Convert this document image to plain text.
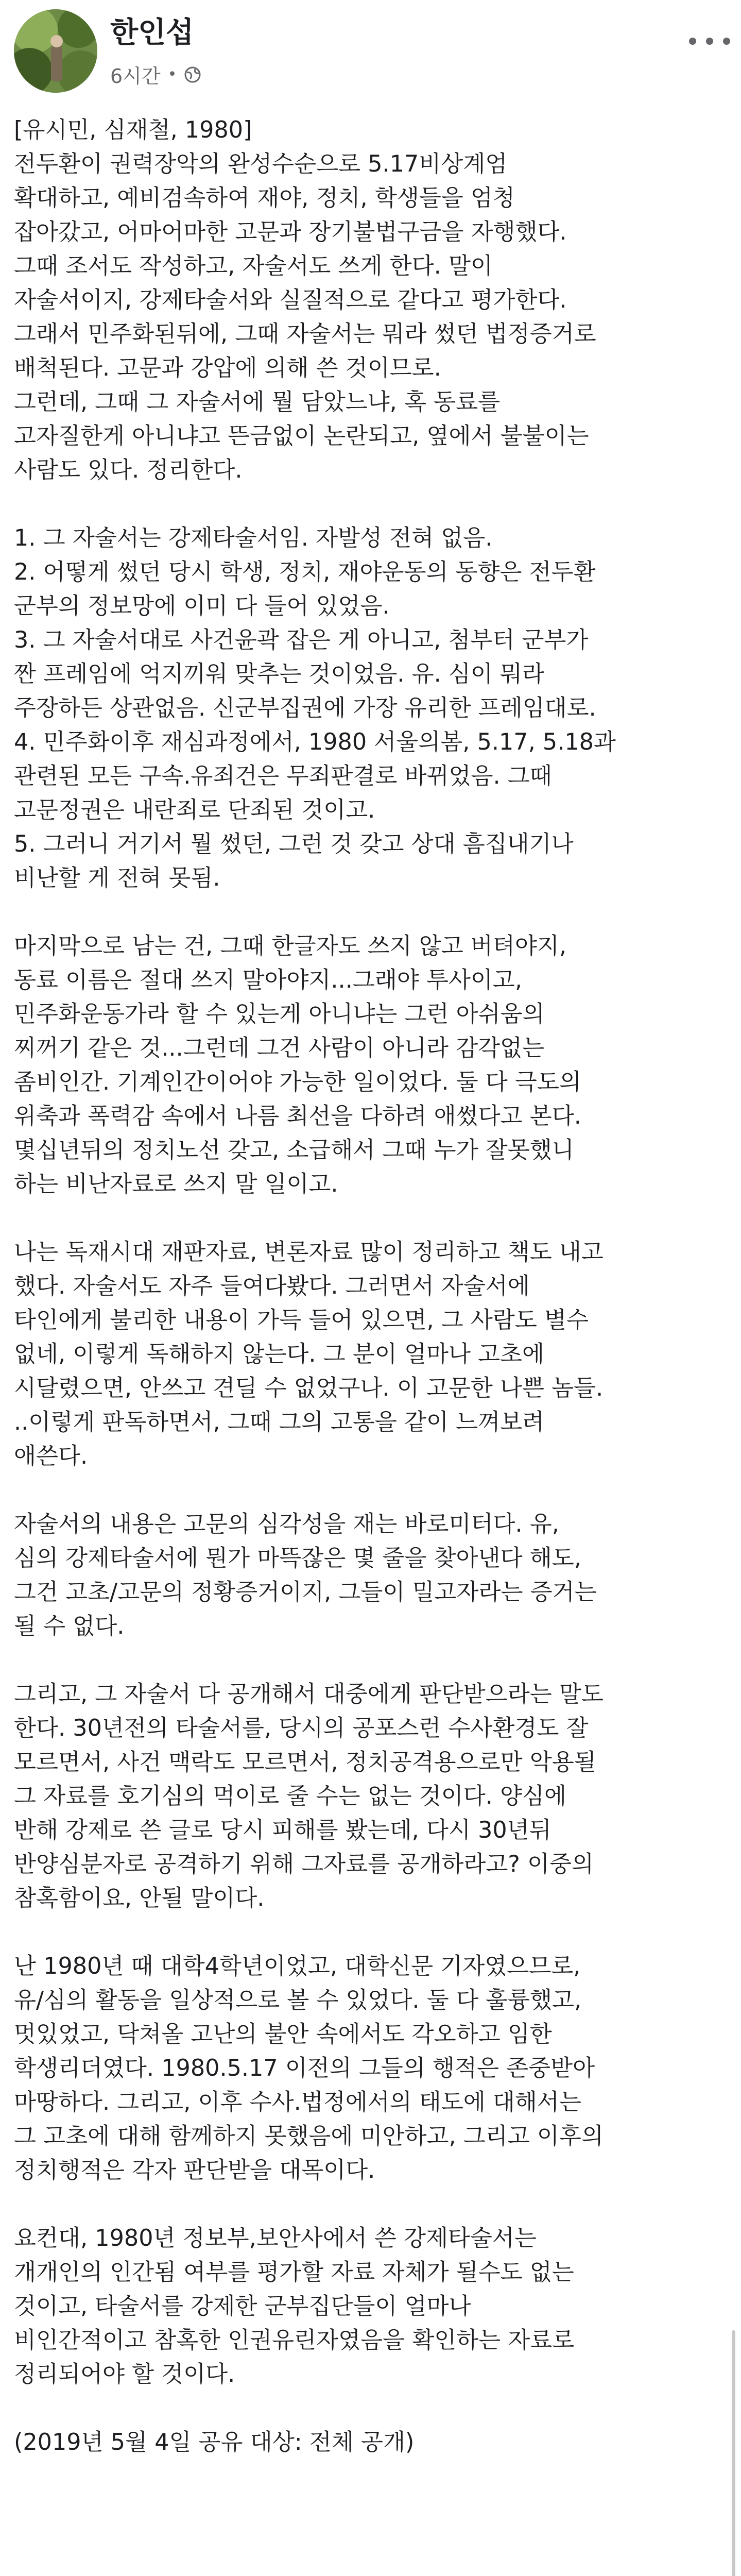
한인섭
6시간 •
[유시민, 심재철, 1980]
전두환이 권력장악의 완성수순으로 5.17비상계엄
확대하고, 예비검속하여 재야, 정치, 학생들을 엄청
잡아갔고, 어마어마한 고문과 장기불법구금을 자행했다.
그때 조서도 작성하고, 자술서도 쓰게 한다. 말이
자술서이지, 강제타술서와 실질적으로 같다고 평가한다.
그래서 민주화된뒤에, 그때 자술서는 뭐라 썼던 법정증거로
배척된다. 고문과 강압에 의해 쓴 것이므로.
그런데, 그때 그 자술서에 뭘 담았느냐, 혹 동료를
고자질한게 아니냐고 뜬금없이 논란되고, 옆에서 불불이는
사람도 있다. 정리한다.
1. 그 자술서는 강제타술서임. 자발성 전혀 없음.
2. 어떻게 썼던 당시 학생, 정치, 재야운동의 동향은 전두환
군부의 정보망에 이미 다 들어 있었음.
3. 그 자술서대로 사건윤곽 잡은 게 아니고, 첨부터 군부가
짠 프레임에 억지끼워 맞추는 것이었음. 유. 심이 뭐라
주장하든 상관없음. 신군부집권에 가장 유리한 프레임대로.
4. 민주화이후 재심과정에서, 1980 서울의봄, 5.17, 5.18과
관련된 모든 구속.유죄건은 무죄판결로 바뀌었음. 그때
고문정권은 내란죄로 단죄된 것이고.
5. 그러니 거기서 뭘 썼던, 그런 것 갖고 상대 흠집내기나
비난할 게 전혀 못됨.
마지막으로 남는 건, 그때 한글자도 쓰지 않고 버텨야지,
동료 이름은 절대 쓰지 말아야지...그래야 투사이고,
민주화운동가라 할 수 있는게 아니냐는 그런 아쉬움의
찌꺼기 같은 것...그런데 그건 사람이 아니라 감각없는
좀비인간. 기계인간이어야 가능한 일이었다. 둘 다 극도의
위축과 폭력감 속에서 나름 최선을 다하려 애썼다고 본다.
몇십년뒤의 정치노선 갖고, 소급해서 그때 누가 잘못했니
하는 비난자료로 쓰지 말 일이고.
나는 독재시대 재판자료, 변론자료 많이 정리하고 책도 내고
했다. 자술서도 자주 들여다봤다. 그러면서 자술서에
타인에게 불리한 내용이 가득 들어 있으면, 그 사람도 별수
없네, 이렇게 독해하지 않는다. 그 분이 얼마나 고초에
시달렸으면, 안쓰고 견딜 수 없었구나. 이 고문한 나쁜 놈들.
..이렇게 판독하면서, 그때 그의 고통을 같이 느껴보려
애쓴다.
자술서의 내용은 고문의 심각성을 재는 바로미터다. 유,
심의 강제타술서에 뭔가 마뜩잖은 몇 줄을 찾아낸다 해도,
그건 고초/고문의 정황증거이지, 그들이 밀고자라는 증거는
될 수 없다.
그리고, 그 자술서 다 공개해서 대중에게 판단받으라는 말도
한다. 30년전의 타술서를, 당시의 공포스런 수사환경도 잘
모르면서, 사건 맥락도 모르면서, 정치공격용으로만 악용될
그 자료를 호기심의 먹이로 줄 수는 없는 것이다. 양심에
반해 강제로 쓴 글로 당시 피해를 봤는데, 다시 30년뒤
반양심분자로 공격하기 위해 그자료를 공개하라고? 이중의
참혹함이요, 안될 말이다.
난 1980년 때 대학4학년이었고, 대학신문 기자였으므로,
유/심의 활동을 일상적으로 볼 수 있었다. 둘 다 훌륭했고,
멋있었고, 닥쳐올 고난의 불안 속에서도 각오하고 임한
학생리더였다. 1980.5.17 이전의 그들의 행적은 존중받아
마땅하다. 그리고, 이후 수사.법정에서의 태도에 대해서는
그 고초에 대해 함께하지 못했음에 미안하고, 그리고 이후의
정치행적은 각자 판단받을 대목이다.
요컨대, 1980년 정보부,보안사에서 쓴 강제타술서는
개개인의 인간됨 여부를 평가할 자료 자체가 될수도 없는
것이고, 타술서를 강제한 군부집단들이 얼마나
비인간적이고 참혹한 인권유린자였음을 확인하는 자료로
정리되어야 할 것이다.
(2019년 5월 4일 공유 대상: 전체 공개)
